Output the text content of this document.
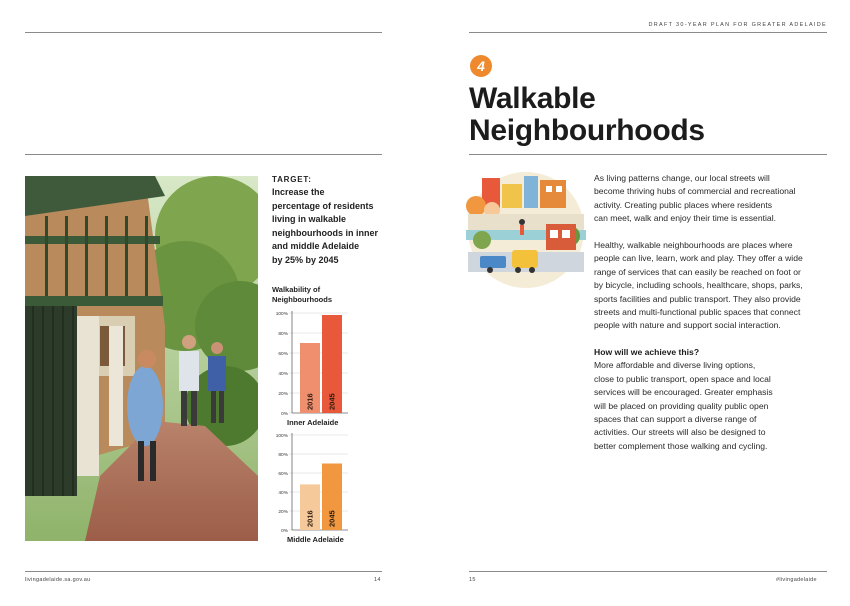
TARGET:
Increase the
percentage of residents
living in walkable
neighbourhoods in inner
and middle Adelaide
by 25% by 2045
Walkability of
Neighbourhoods
0%
20%
40%
60%
80%
100%
2016 2045
Inner Adelaide
0%
20%
40%
60%
80%
100%
2016 2045
Middle Adelaide
livingadelaide.sa.gov.au	14
DRAFT 30-YEAR PLAN FOR GREATER ADELAIDE
4
Walkable
Neighbourhoods
As living patterns change, our local streets will
become thriving hubs of commercial and recreational
activity. Creating public places where residents
can meet, walk and enjoy their time is essential.
Healthy, walkable neighbourhoods are places where
people can live, learn, work and play. They offer a wide
range of services that can easily be reached on foot or
by bicycle, including schools, healthcare, shops, parks,
sports facilities and public transport. They also provide
streets and multi-functional public spaces that connect
people with nature and support social interaction.
How will we achieve this?
More affordable and diverse living options,
close to public transport, open space and local
services will be encouraged. Greater emphasis
will be placed on providing quality public open
spaces that can support a diverse range of
activities. Our streets will also be designed to
better complement those walking and cycling.
15	#livingadelaide
